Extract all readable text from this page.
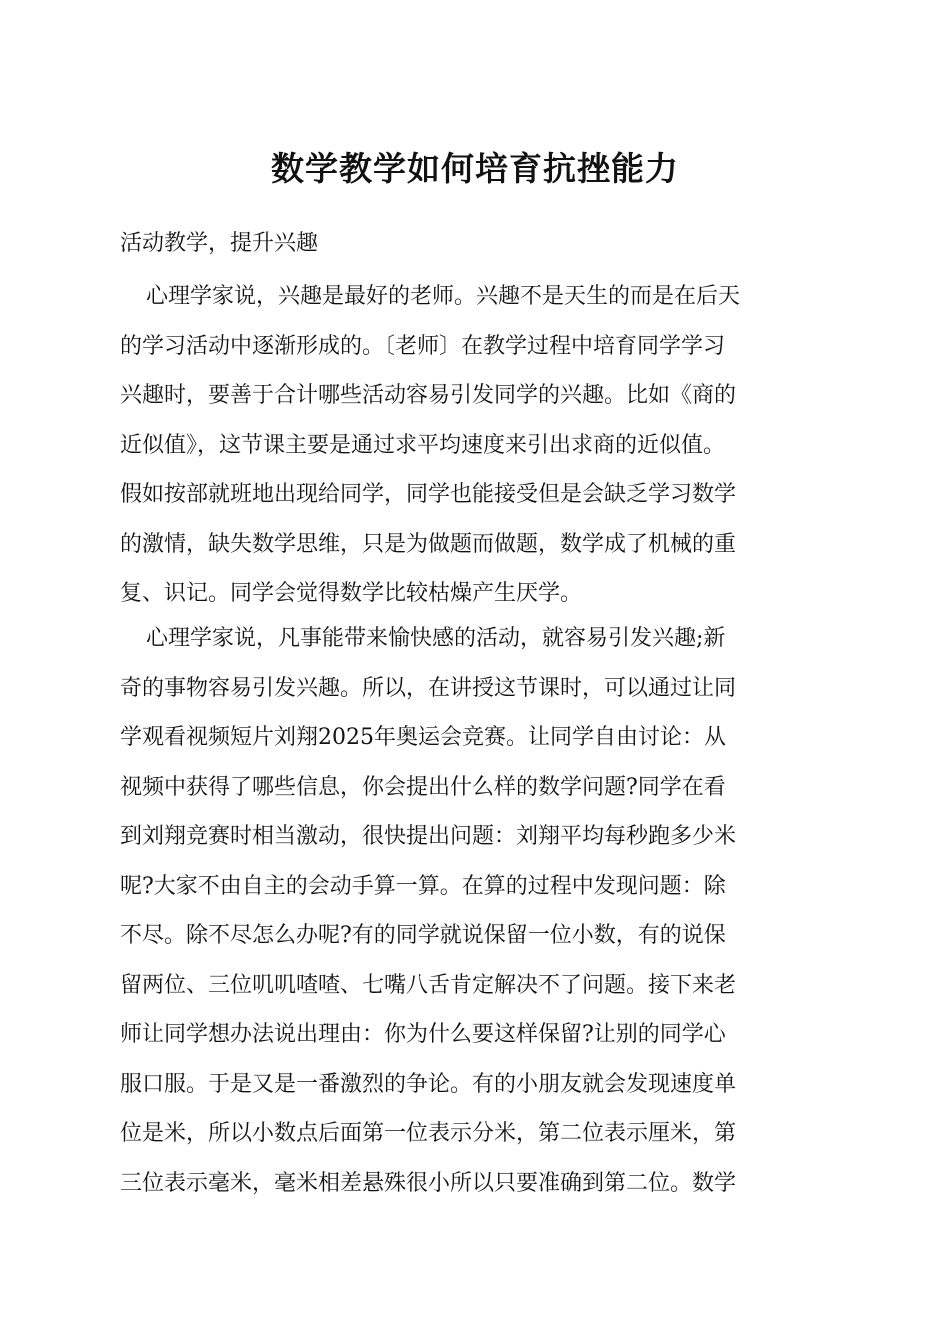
数学教学如何培育抗挫能力
活动教学，提升兴趣
心理学家说，兴趣是最好的老师。兴趣不是天生的而是在后天
的学习活动中逐渐形成的。〔老师〕在教学过程中培育同学学习
兴趣时，要善于合计哪些活动容易引发同学的兴趣。比如《商的
近似值》，这节课主要是通过求平均速度来引出求商的近似值。
假如按部就班地出现给同学，同学也能接受但是会缺乏学习数学
的激情，缺失数学思维，只是为做题而做题，数学成了机械的重
复、识记。同学会觉得数学比较枯燥产生厌学。
心理学家说，凡事能带来愉快感的活动，就容易引发兴趣;新
奇的事物容易引发兴趣。所以，在讲授这节课时，可以通过让同
学观看视频短片刘翔2025年奥运会竞赛。让同学自由讨论：从
视频中获得了哪些信息，你会提出什么样的数学问题?同学在看
到刘翔竞赛时相当激动，很快提出问题：刘翔平均每秒跑多少米
呢?大家不由自主的会动手算一算。在算的过程中发现问题：除
不尽。除不尽怎么办呢?有的同学就说保留一位小数，有的说保
留两位、三位叽叽喳喳、七嘴八舌肯定解决不了问题。接下来老
师让同学想办法说出理由：你为什么要这样保留?让别的同学心
服口服。于是又是一番激烈的争论。有的小朋友就会发现速度单
位是米，所以小数点后面第一位表示分米，第二位表示厘米，第
三位表示毫米，毫米相差悬殊很小所以只要准确到第二位。数学
